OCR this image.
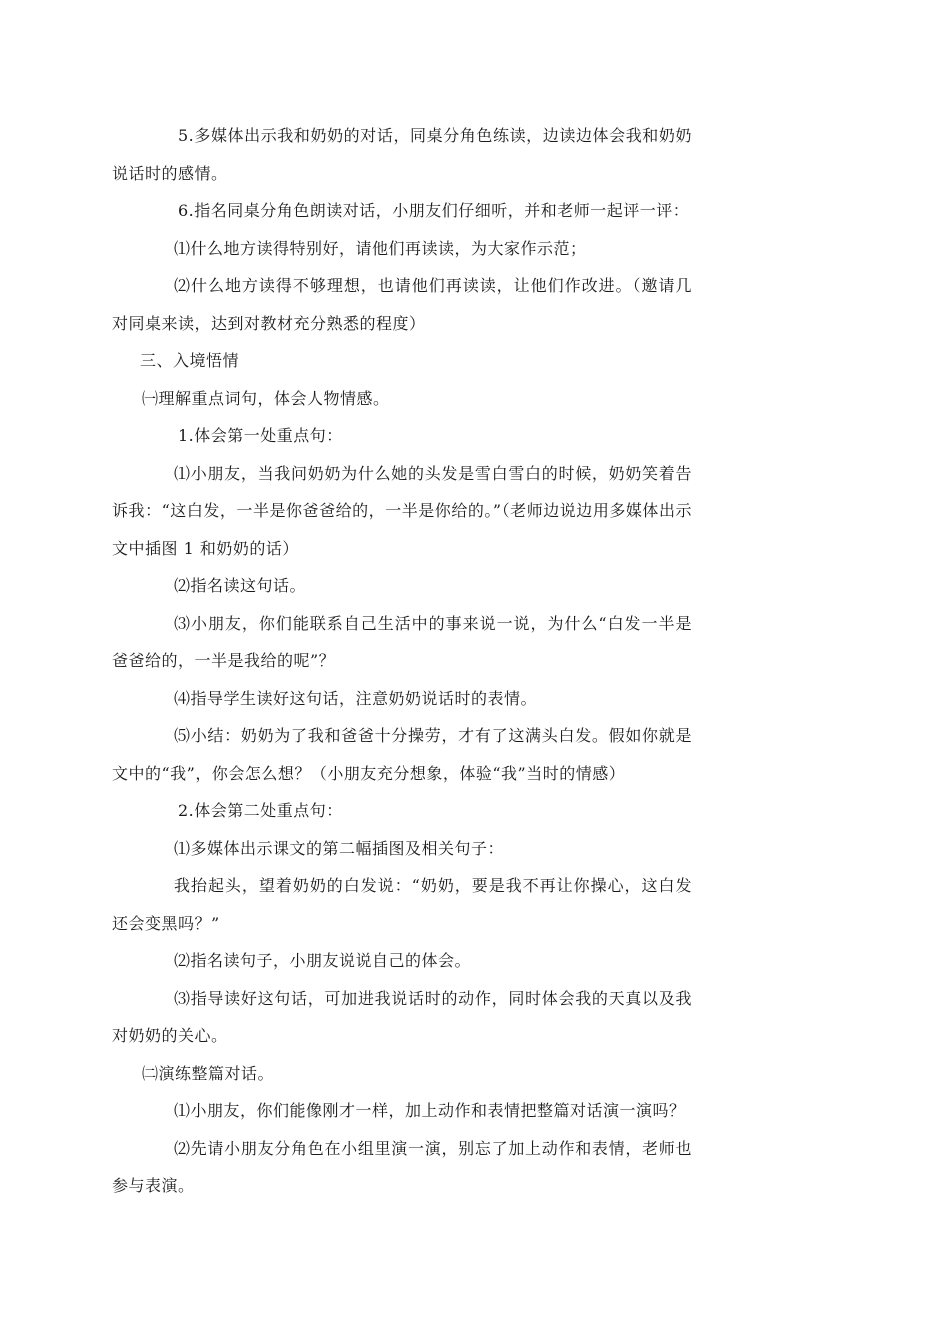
5.多媒体出示我和奶奶的对话，同桌分角色练读，边读边体会我和奶奶说话时的感情。

6.指名同桌分角色朗读对话，小朋友们仔细听，并和老师一起评一评：

⑴什么地方读得特别好，请他们再读读，为大家作示范；

⑵什么地方读得不够理想，也请他们再读读，让他们作改进。（邀请几对同桌来读，达到对教材充分熟悉的程度）

三、入境悟情

㈠理解重点词句，体会人物情感。

1.体会第一处重点句：

⑴小朋友，当我问奶奶为什么她的头发是雪白雪白的时候，奶奶笑着告诉我：“这白发，一半是你爸爸给的，一半是你给的。”（老师边说边用多媒体出示文中插图 1 和奶奶的话）

⑵指名读这句话。

⑶小朋友，你们能联系自己生活中的事来说一说，为什么“白发一半是爸爸给的，一半是我给的呢”？

⑷指导学生读好这句话，注意奶奶说话时的表情。

⑸小结：奶奶为了我和爸爸十分操劳，才有了这满头白发。假如你就是文中的“我”，你会怎么想？（小朋友充分想象，体验“我”当时的情感）

2.体会第二处重点句：

⑴多媒体出示课文的第二幅插图及相关句子：

我抬起头，望着奶奶的白发说：“奶奶，要是我不再让你操心，这白发还会变黑吗？”

⑵指名读句子，小朋友说说自己的体会。

⑶指导读好这句话，可加进我说话时的动作，同时体会我的天真以及我对奶奶的关心。

㈡演练整篇对话。

⑴小朋友，你们能像刚才一样，加上动作和表情把整篇对话演一演吗？

⑵先请小朋友分角色在小组里演一演，别忘了加上动作和表情，老师也参与表演。
